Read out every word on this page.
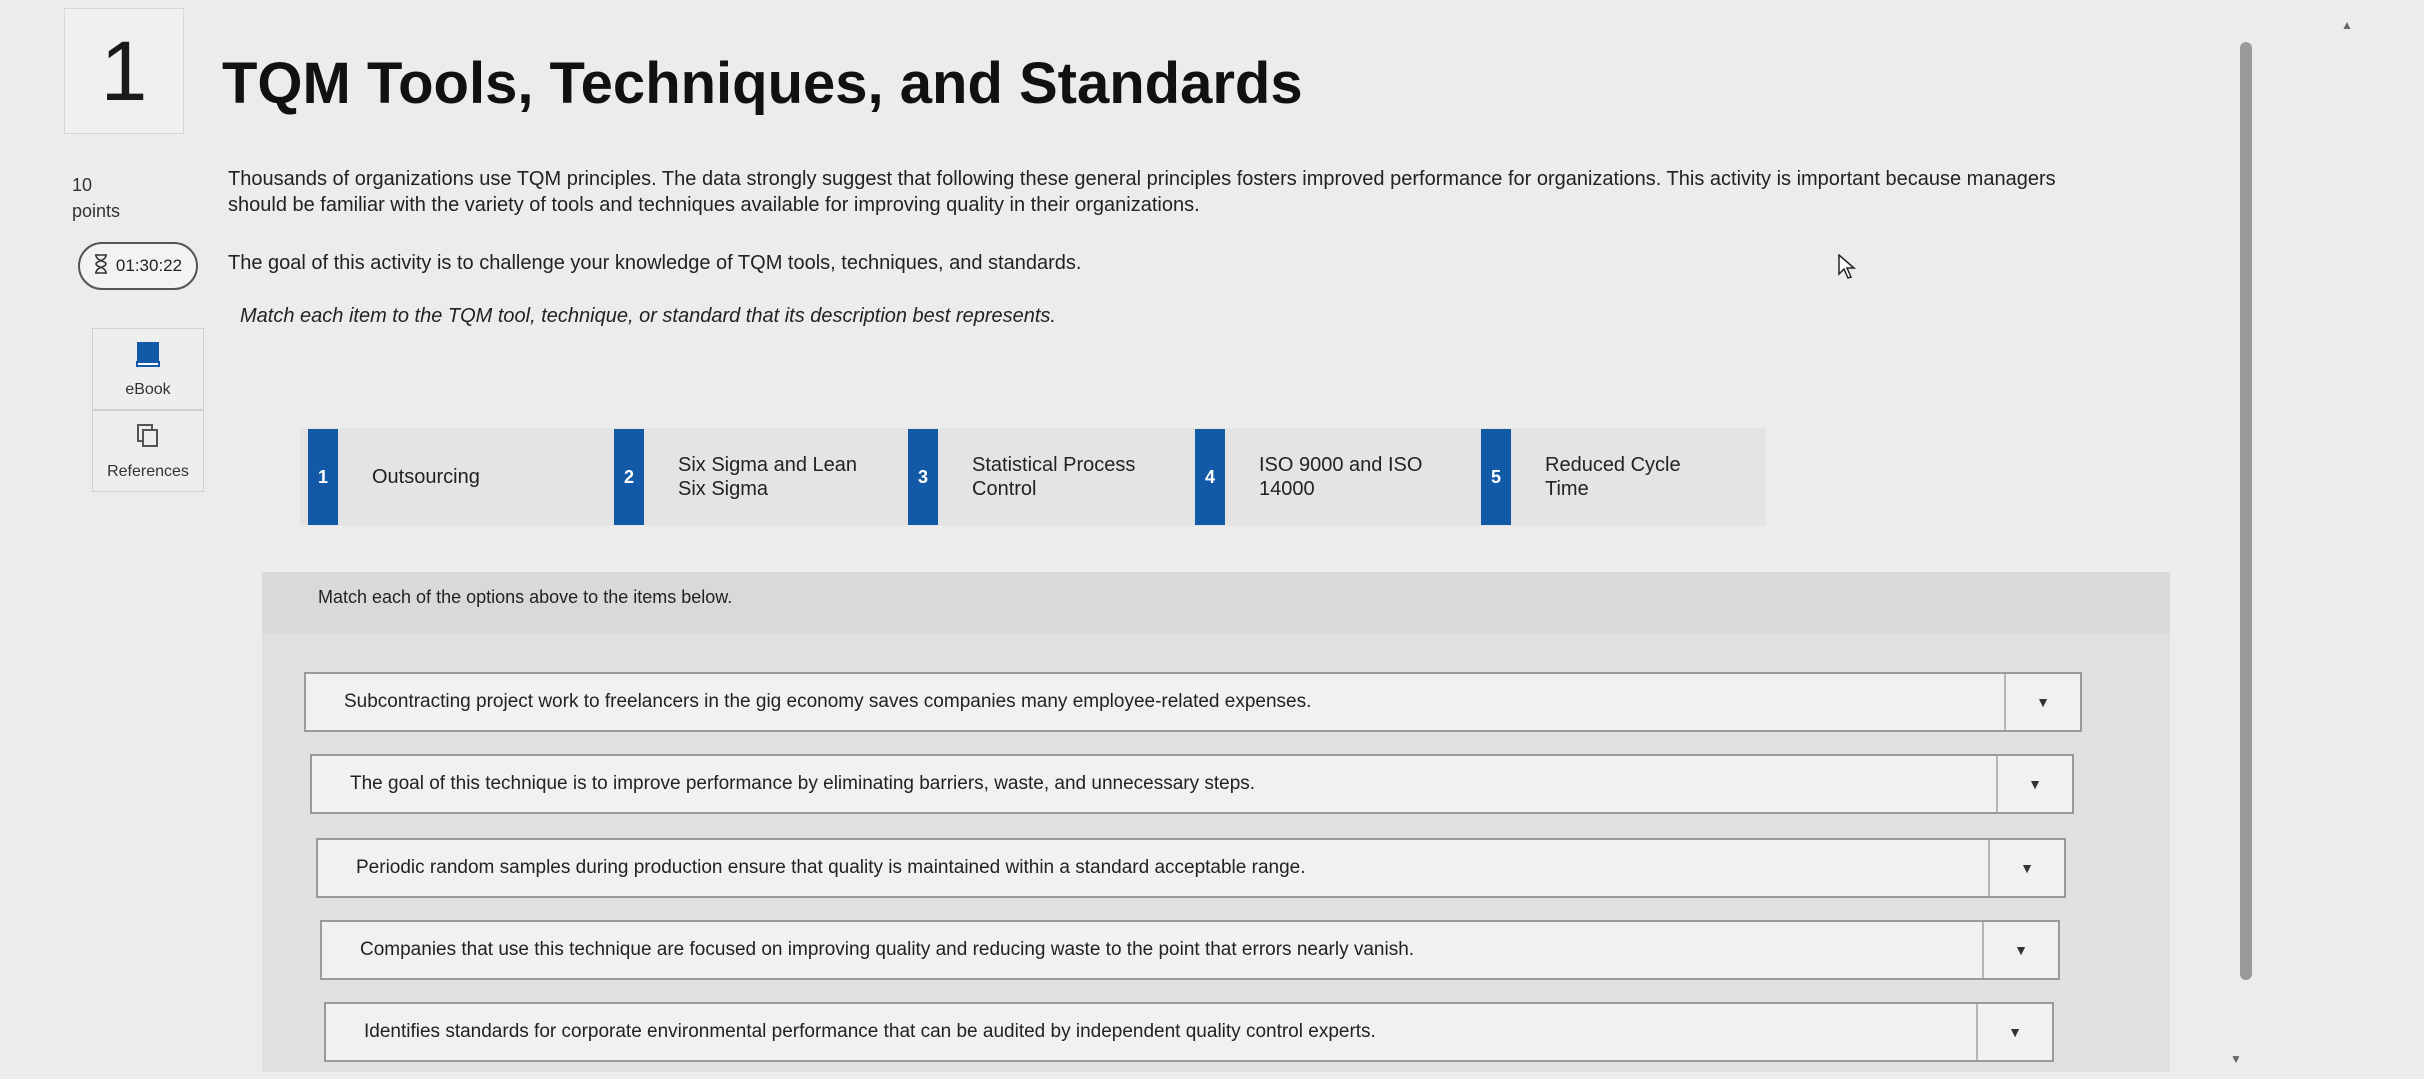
1	TQM Tools, Techniques, and Standards
10
points
01:30:22
eBook
References
Thousands of organizations use TQM principles. The data strongly suggest that following these general principles fosters improved performance for organizations. This activity is important because managers
should be familiar with the variety of tools and techniques available for improving quality in their organizations.
The goal of this activity is to challenge your knowledge of TQM tools, techniques, and standards.
Match each item to the TQM tool, technique, or standard that its description best represents.
1	Outsourcing	2
Six Sigma and Lean
Six Sigma
3
Statistical Process
Control
4
ISO 9000 and ISO
14000
5
Reduced Cycle
Time
Match each of the options above to the items below.
Subcontracting project work to freelancers in the gig economy saves companies many employee-related expenses.	▼
The goal of this technique is to improve performance by eliminating barriers, waste, and unnecessary steps.	▼
Periodic random samples during production ensure that quality is maintained within a standard acceptable range.	▼
Companies that use this technique are focused on improving quality and reducing waste to the point that errors nearly vanish.	▼
Identifies standards for corporate environmental performance that can be audited by independent quality control experts.	▼
▲
▼
